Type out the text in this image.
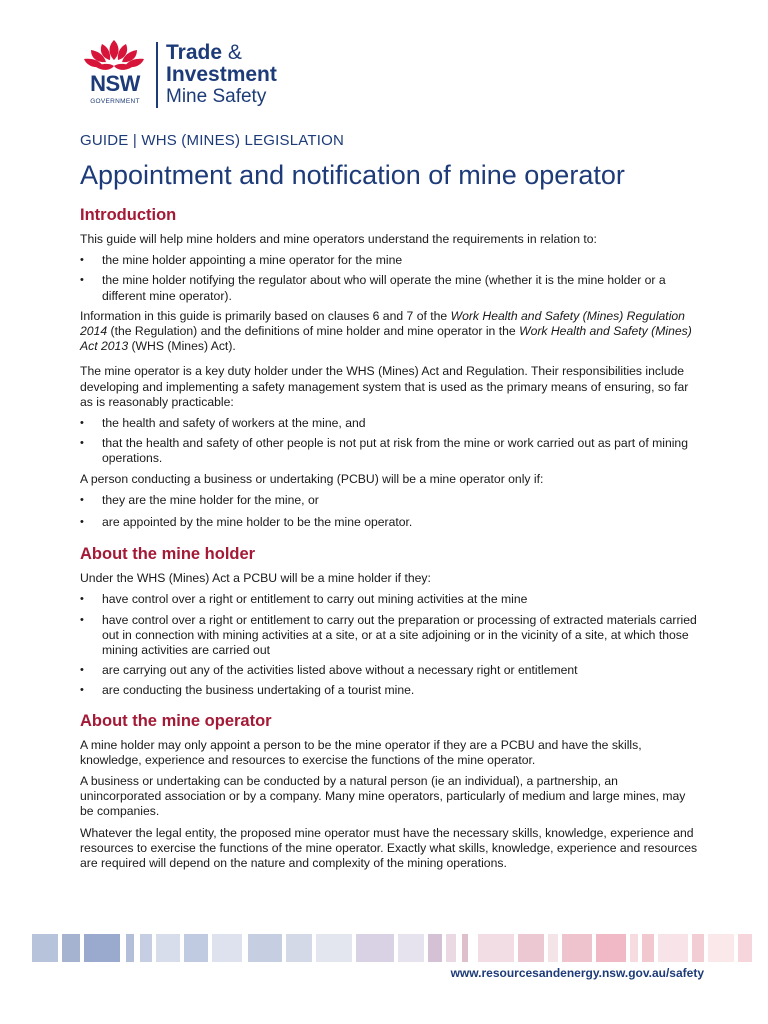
NSW
GOVERNMENT
Trade &
Investment
Mine Safety
GUIDE | WHS (MINES) LEGISLATION
Appointment and notification of mine operator
Introduction

This guide will help mine holders and mine operators understand the requirements in relation to:

• the mine holder appointing a mine operator for the mine
• the mine holder notifying the regulator about who will operate the mine (whether it is the mine holder or a different mine operator).

Information in this guide is primarily based on clauses 6 and 7 of the Work Health and Safety (Mines) Regulation 2014 (the Regulation) and the definitions of mine holder and mine operator in the Work Health and Safety (Mines) Act 2013 (WHS (Mines) Act).

The mine operator is a key duty holder under the WHS (Mines) Act and Regulation. Their responsibilities include developing and implementing a safety management system that is used as the primary means of ensuring, so far as is reasonably practicable:

• the health and safety of workers at the mine, and
• that the health and safety of other people is not put at risk from the mine or work carried out as part of mining operations.

A person conducting a business or undertaking (PCBU) will be a mine operator only if:

• they are the mine holder for the mine, or
• are appointed by the mine holder to be the mine operator.
About the mine holder

Under the WHS (Mines) Act a PCBU will be a mine holder if they:

• have control over a right or entitlement to carry out mining activities at the mine
• have control over a right or entitlement to carry out the preparation or processing of extracted materials carried out in connection with mining activities at a site, or at a site adjoining or in the vicinity of a site, at which those mining activities are carried out
• are carrying out any of the activities listed above without a necessary right or entitlement
• are conducting the business undertaking of a tourist mine.
About the mine operator

A mine holder may only appoint a person to be the mine operator if they are a PCBU and have the skills, knowledge, experience and resources to exercise the functions of the mine operator.

A business or undertaking can be conducted by a natural person (ie an individual), a partnership, an unincorporated association or by a company. Many mine operators, particularly of medium and large mines, may be companies.

Whatever the legal entity, the proposed mine operator must have the necessary skills, knowledge, experience and resources to exercise the functions of the mine operator. Exactly what skills, knowledge, experience and resources are required will depend on the nature and complexity of the mining operations.

www.resourcesandenergy.nsw.gov.au/safety
